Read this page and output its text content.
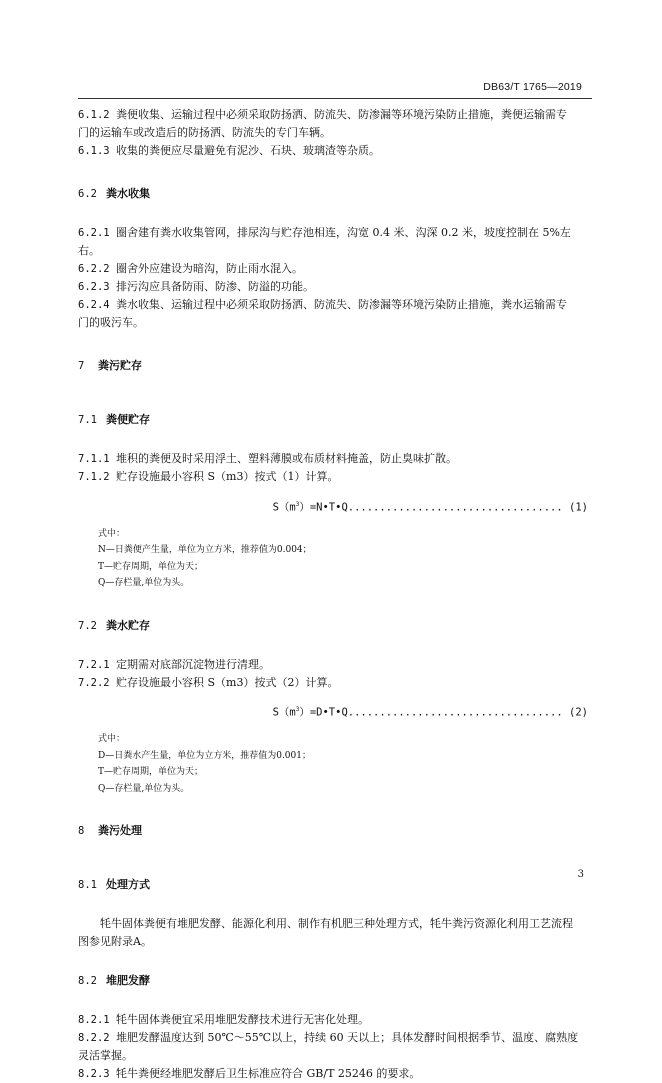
DB63/T 1765—2019

6.1.2 粪便收集、运输过程中必须采取防扬洒、防流失、防渗漏等环境污染防止措施，粪便运输需专

门的运输车或改造后的防扬洒、防流失的专门车辆。

6.1.3 收集的粪便应尽量避免有泥沙、石块、玻璃渣等杂质。

6.2 粪水收集

6.2.1 圈舍建有粪水收集管网，排尿沟与贮存池相连，沟宽 0.4 米、沟深 0.2 米，坡度控制在 5%左右。

6.2.2 圈舍外应建设为暗沟，防止雨水混入。

6.2.3 排污沟应具备防雨、防渗、防溢的功能。

6.2.4 粪水收集、运输过程中必须采取防扬洒、防流失、防渗漏等环境污染防止措施，粪水运输需专

门的吸污车。

7 粪污贮存

7.1 粪便贮存

7.1.1 堆积的粪便及时采用浮土、塑料薄膜或布质材料掩盖，防止臭味扩散。

7.1.2 贮存设施最小容积 S（m3）按式（1）计算。

$S(m^3)=N•T•Q$.................................. (1)

式中：

N—日粪便产生量，单位为立方米，推荐值为0.004；

T—贮存周期，单位为天；

Q—存栏量,单位为头。

7.2 粪水贮存

7.2.1 定期需对底部沉淀物进行清理。

7.2.2 贮存设施最小容积 S（m3）按式（2）计算。

$S(m^3)=D•T•Q$.................................. (2)

式中：

D—日粪水产生量，单位为立方米，推荐值为0.001；

T—贮存周期，单位为天；

Q—存栏量,单位为头。

8 粪污处理

8.1 处理方式

牦牛固体粪便有堆肥发酵、能源化利用、制作有机肥三种处理方式，牦牛粪污资源化利用工艺流程

图参见附录A。

8.2 堆肥发酵

8.2.1 牦牛固体粪便宜采用堆肥发酵技术进行无害化处理。

8.2.2 堆肥发酵温度达到 50℃～55℃以上，持续 60 天以上；具体发酵时间根据季节、温度、腐熟度

灵活掌握。

8.2.3 牦牛粪便经堆肥发酵后卫生标准应符合 GB/T 25246 的要求。

3
